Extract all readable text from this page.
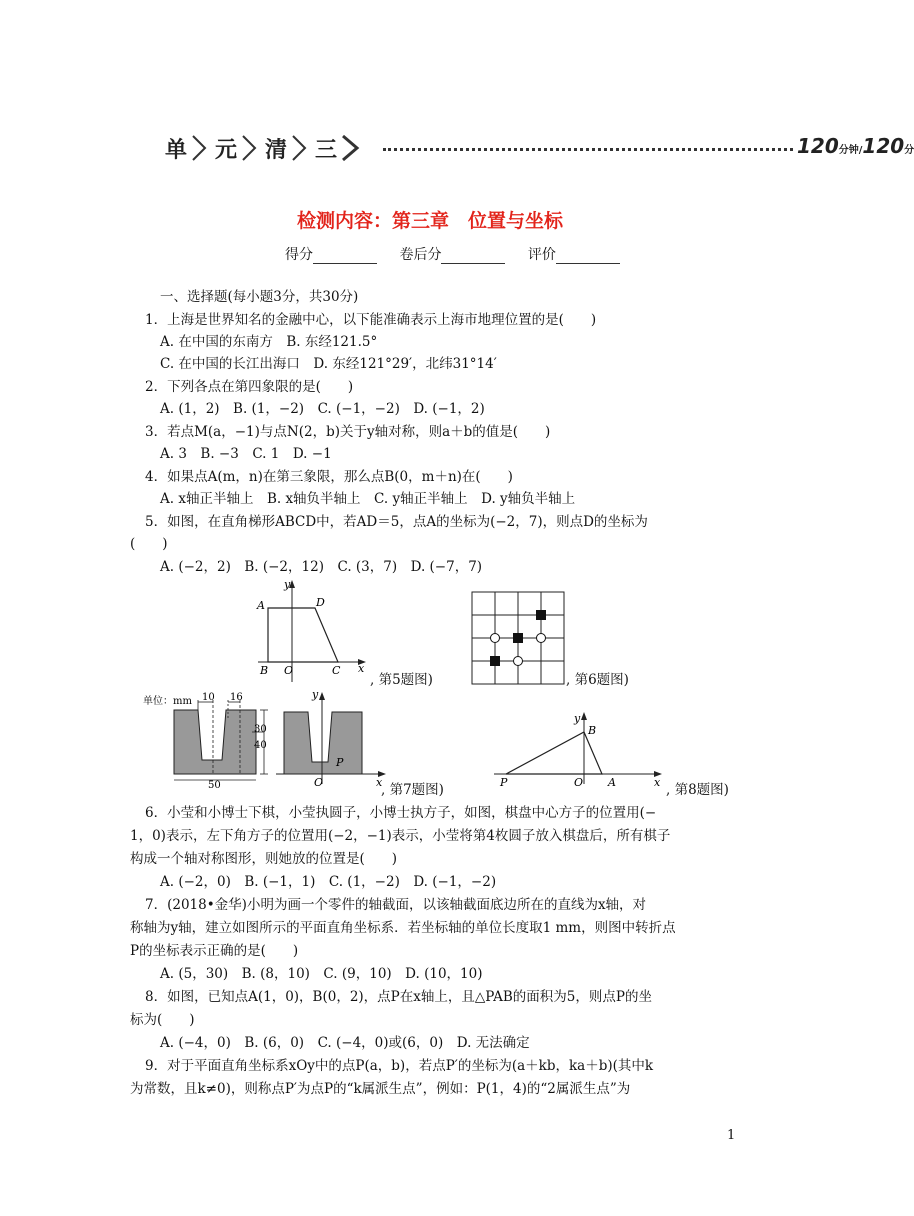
单 元 清 三	120分钟/120分
检测内容：第三章　位置与坐标
得分	卷后分	评价
一、选择题(每小题3分，共30分)
1．上海是世界知名的金融中心，以下能准确表示上海市地理位置的是(　　)
A. 在中国的东南方　B. 东经121.5°
C. 在中国的长江出海口　D. 东经121°29′，北纬31°14′
2．下列各点在第四象限的是(　　)
A. (1，2)　B. (1，−2)　C. (−1，−2)　D. (−1，2)
3．若点M(a，−1)与点N(2，b)关于y轴对称，则a＋b的值是(　　)
A. 3　B. −3　C. 1　D. −1
4．如果点A(m，n)在第三象限，那么点B(0，m＋n)在(　　)
A. x轴正半轴上　B. x轴负半轴上　C. y轴正半轴上　D. y轴负半轴上
5．如图，在直角梯形ABCD中，若AD＝5，点A的坐标为(−2，7)，则点D的坐标为
(　　)
A. (−2，2)　B. (−2，12)　C. (3，7)　D. (−7，7)
A	D
B O	C x
y
, 第5题图)	, 第6题图)
单位：mm 10 16
30
40
50
y
O
P
x
, 第7题图)
y
B
P	O A	x , 第8题图)
6．小莹和小博士下棋，小莹执圆子，小博士执方子，如图，棋盘中心方子的位置用(−
1，0)表示，左下角方子的位置用(−2，−1)表示，小莹将第4枚圆子放入棋盘后，所有棋子
构成一个轴对称图形，则她放的位置是(　　)
A. (−2，0)　B. (−1，1)　C. (1，−2)　D. (−1，−2)
7．(2018•金华)小明为画一个零件的轴截面，以该轴截面底边所在的直线为x轴，对
称轴为y轴，建立如图所示的平面直角坐标系．若坐标轴的单位长度取1 mm，则图中转折点
P的坐标表示正确的是(　　)
A. (5，30)　B. (8，10)　C. (9，10)　D. (10，10)
8．如图，已知点A(1，0)，B(0，2)，点P在x轴上，且△PAB的面积为5，则点P的坐
标为(　　)
A. (−4，0)　B. (6，0)　C. (−4，0)或(6，0)　D. 无法确定
9．对于平面直角坐标系xOy中的点P(a，b)，若点P′的坐标为(a＋kb，ka＋b)(其中k
为常数，且k≠0)，则称点P′为点P的“k属派生点”，例如：P(1，4)的“2属派生点”为
1
